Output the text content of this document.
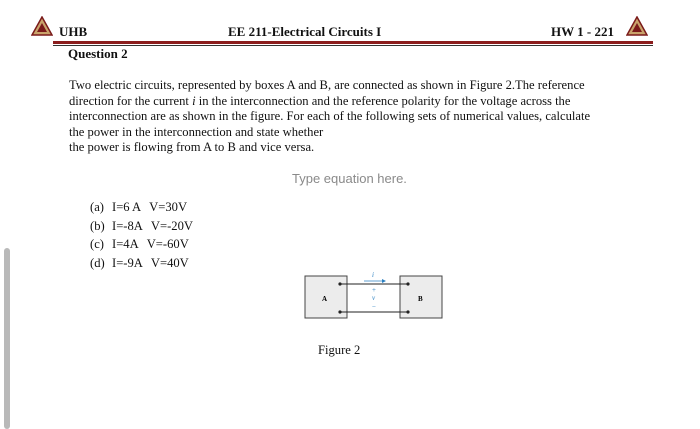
UHB	EE 211-Electrical Circuits I	HW 1 - 221
Question 2

Two electric circuits, represented by boxes A and B, are connected as shown in Figure 2.The reference
direction for the current i in the interconnection and the reference polarity for the voltage across the
interconnection are as shown in the figure. For each of the following sets of numerical values, calculate
the power in the interconnection and state whether
the power is flowing from A to B and vice versa.

Type equation here.
(a) I=6 A V=30V
(b) I=-8A V=-20V
(c) I=4A V=-60V
(d) I=-9A V=40V
A	B
i
+
v
−
Figure 2
